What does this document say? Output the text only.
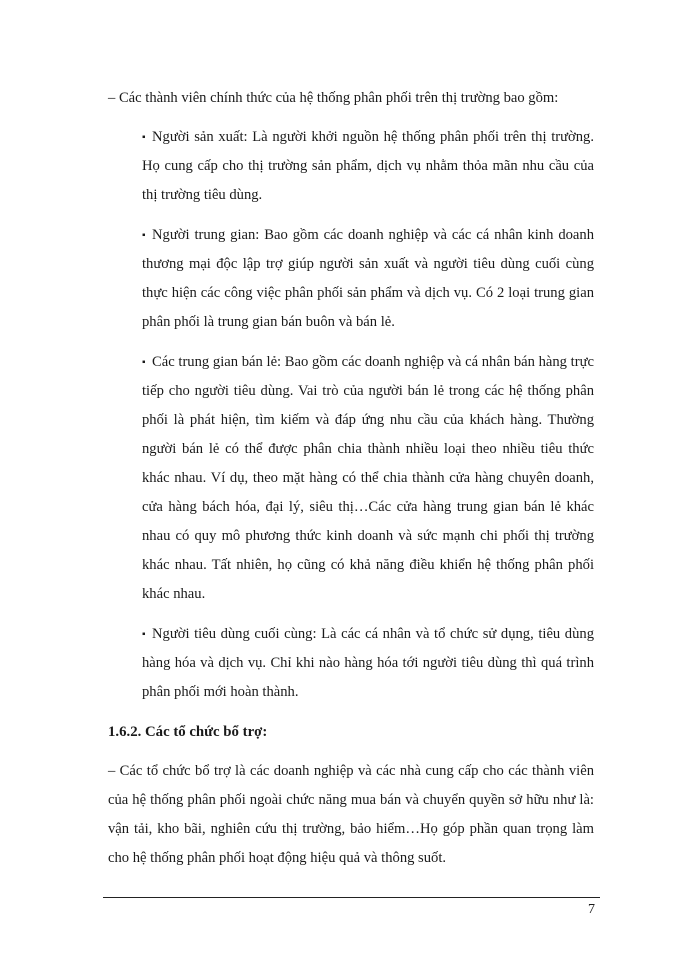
– Các thành viên chính thức của hệ thống phân phối trên thị trường bao gồm:

▪ Người sản xuất: Là người khởi nguồn hệ thống phân phối trên thị trường. Họ cung cấp cho thị trường sản phẩm, dịch vụ nhằm thỏa mãn nhu cầu của thị trường tiêu dùng.

▪ Người trung gian: Bao gồm các doanh nghiệp và các cá nhân kinh doanh thương mại độc lập trợ giúp người sản xuất và người tiêu dùng cuối cùng thực hiện các công việc phân phối sản phẩm và dịch vụ. Có 2 loại trung gian phân phối là trung gian bán buôn và bán lẻ.

▪ Các trung gian bán lẻ: Bao gồm các doanh nghiệp và cá nhân bán hàng trực tiếp cho người tiêu dùng. Vai trò của người bán lẻ trong các hệ thống phân phối là phát hiện, tìm kiếm và đáp ứng nhu cầu của khách hàng. Thường người bán lẻ có thể được phân chia thành nhiều loại theo nhiều tiêu thức khác nhau. Ví dụ, theo mặt hàng có thể chia thành cửa hàng chuyên doanh, cửa hàng bách hóa, đại lý, siêu thị…Các cửa hàng trung gian bán lẻ khác nhau có quy mô phương thức kinh doanh và sức mạnh chi phối thị trường khác nhau. Tất nhiên, họ cũng có khả năng điều khiển hệ thống phân phối khác nhau.

▪ Người tiêu dùng cuối cùng: Là các cá nhân và tổ chức sử dụng, tiêu dùng hàng hóa và dịch vụ. Chỉ khi nào hàng hóa tới người tiêu dùng thì quá trình phân phối mới hoàn thành.

1.6.2. Các tổ chức bổ trợ:

– Các tổ chức bổ trợ là các doanh nghiệp và các nhà cung cấp cho các thành viên của hệ thống phân phối ngoài chức năng mua bán và chuyển quyền sở hữu như là: vận tải, kho bãi, nghiên cứu thị trường, bảo hiểm…Họ góp phần quan trọng làm cho hệ thống phân phối hoạt động hiệu quả và thông suốt.

7
